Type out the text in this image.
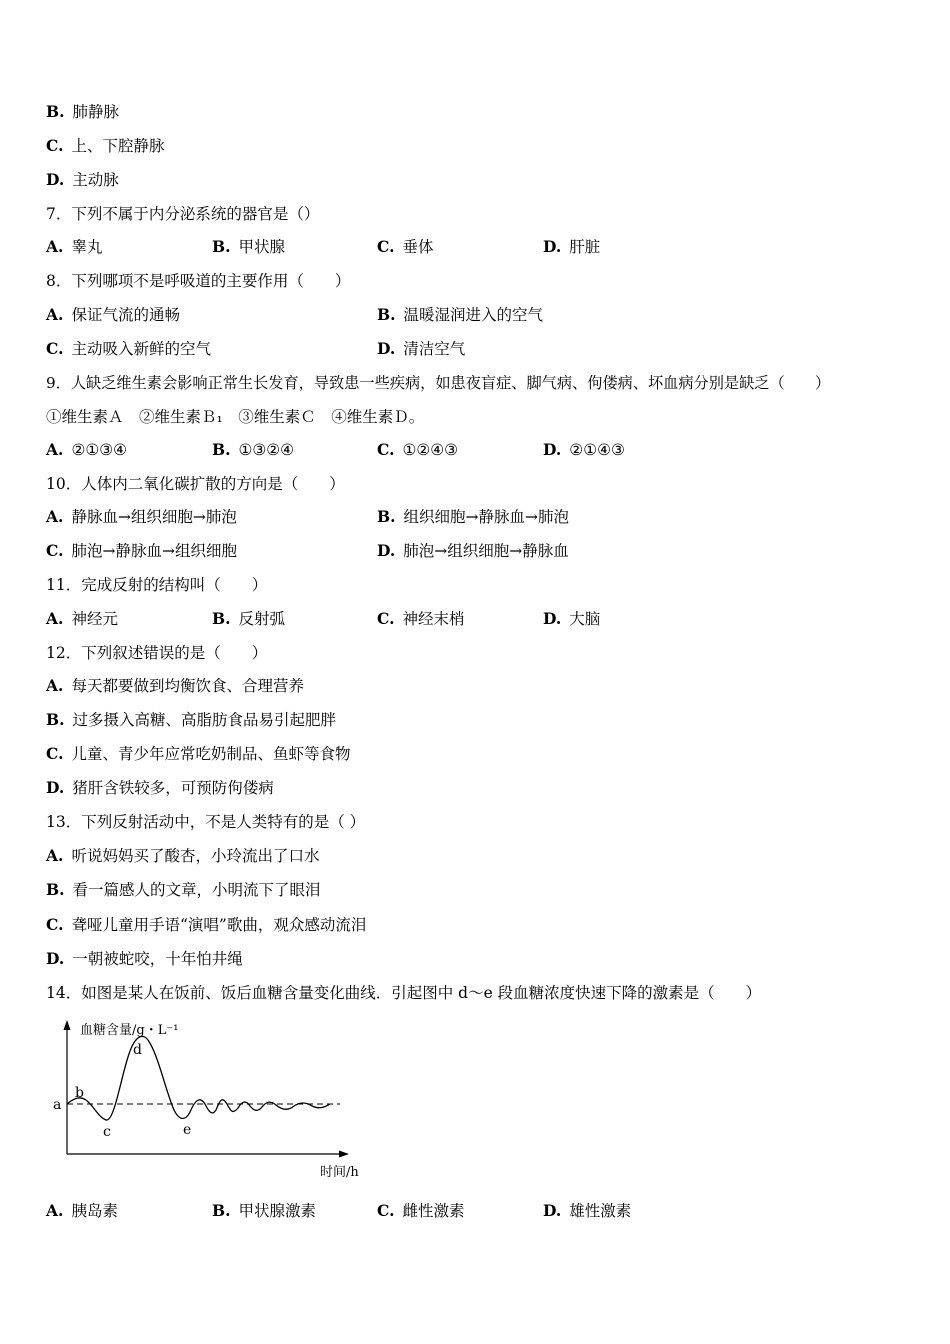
B. 肺静脉
C. 上、下腔静脉
D. 主动脉
7．下列不属于内分泌系统的器官是（）
A. 睾丸	B. 甲状腺	C. 垂体	D. 肝脏
8．下列哪项不是呼吸道的主要作用（　　）
A. 保证气流的通畅	B. 温暖湿润进入的空气
C. 主动吸入新鲜的空气	D. 清洁空气
9．人缺乏维生素会影响正常生长发育，导致患一些疾病，如患夜盲症、脚气病、佝偻病、坏血病分别是缺乏（　　）
①维生素Ａ　②维生素Ｂ₁　③维生素Ｃ　④维生素Ｄ。
A. ②①③④	B. ①③②④	C. ①②④③	D. ②①④③
10．人体内二氧化碳扩散的方向是（　　）
A. 静脉血→组织细胞→肺泡	B. 组织细胞→静脉血→肺泡
C. 肺泡→静脉血→组织细胞	D. 肺泡→组织细胞→静脉血
11．完成反射的结构叫（　　）
A. 神经元	B. 反射弧	C. 神经末梢	D. 大脑
12．下列叙述错误的是（　　）
A. 每天都要做到均衡饮食、合理营养
B. 过多摄入高糖、高脂肪食品易引起肥胖
C. 儿童、青少年应常吃奶制品、鱼虾等食物
D. 猪肝含铁较多，可预防佝偻病
13．下列反射活动中，不是人类特有的是（ ）
A. 听说妈妈买了酸杏，小玲流出了口水
B. 看一篇感人的文章，小明流下了眼泪
C. 聋哑儿童用手语“演唱”歌曲，观众感动流泪
D. 一朝被蛇咬，十年怕井绳
14．如图是某人在饭前、饭后血糖含量变化曲线．引起图中 d～e 段血糖浓度快速下降的激素是（　　）
血糖含量/g・L⁻¹
a
b
c
d
e
时间/h
A. 胰岛素	B. 甲状腺激素	C. 雌性激素	D. 雄性激素
